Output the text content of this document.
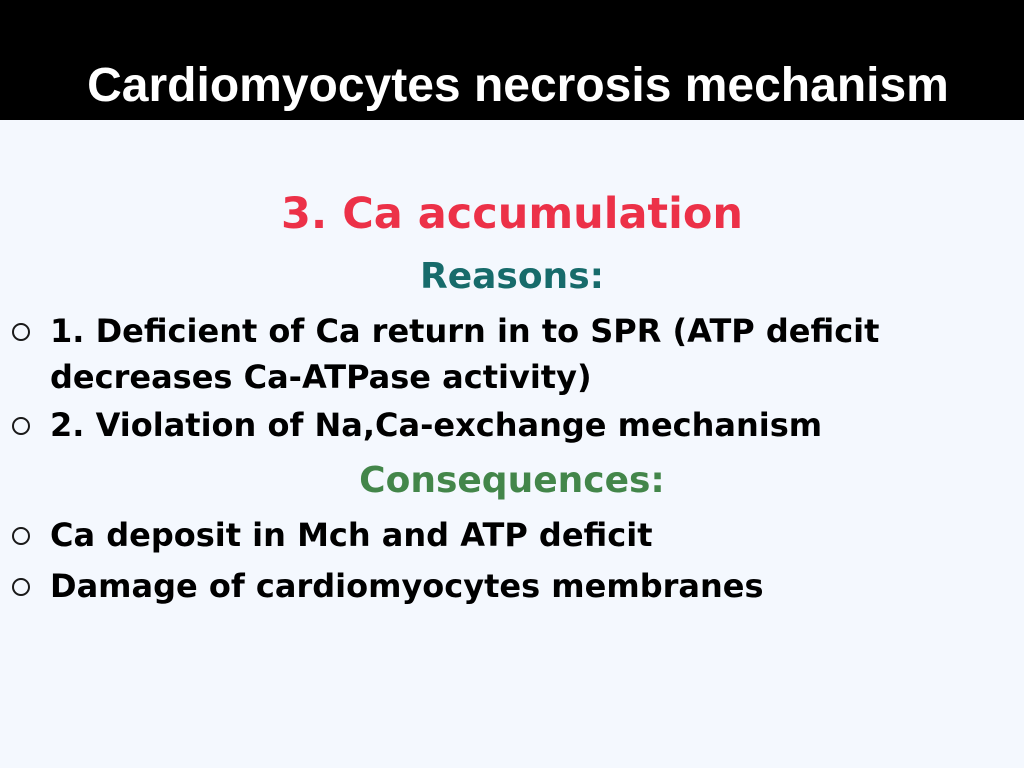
Cardiomyocytes necrosis mechanism
3. Ca accumulation
Reasons:
1. Deficient of Ca return in to SPR (ATP deficit decreases Ca-ATPase activity)
2. Violation of Na,Ca-exchange mechanism
Consequences:
Ca deposit in Mch and ATP deficit
Damage of cardiomyocytes membranes
